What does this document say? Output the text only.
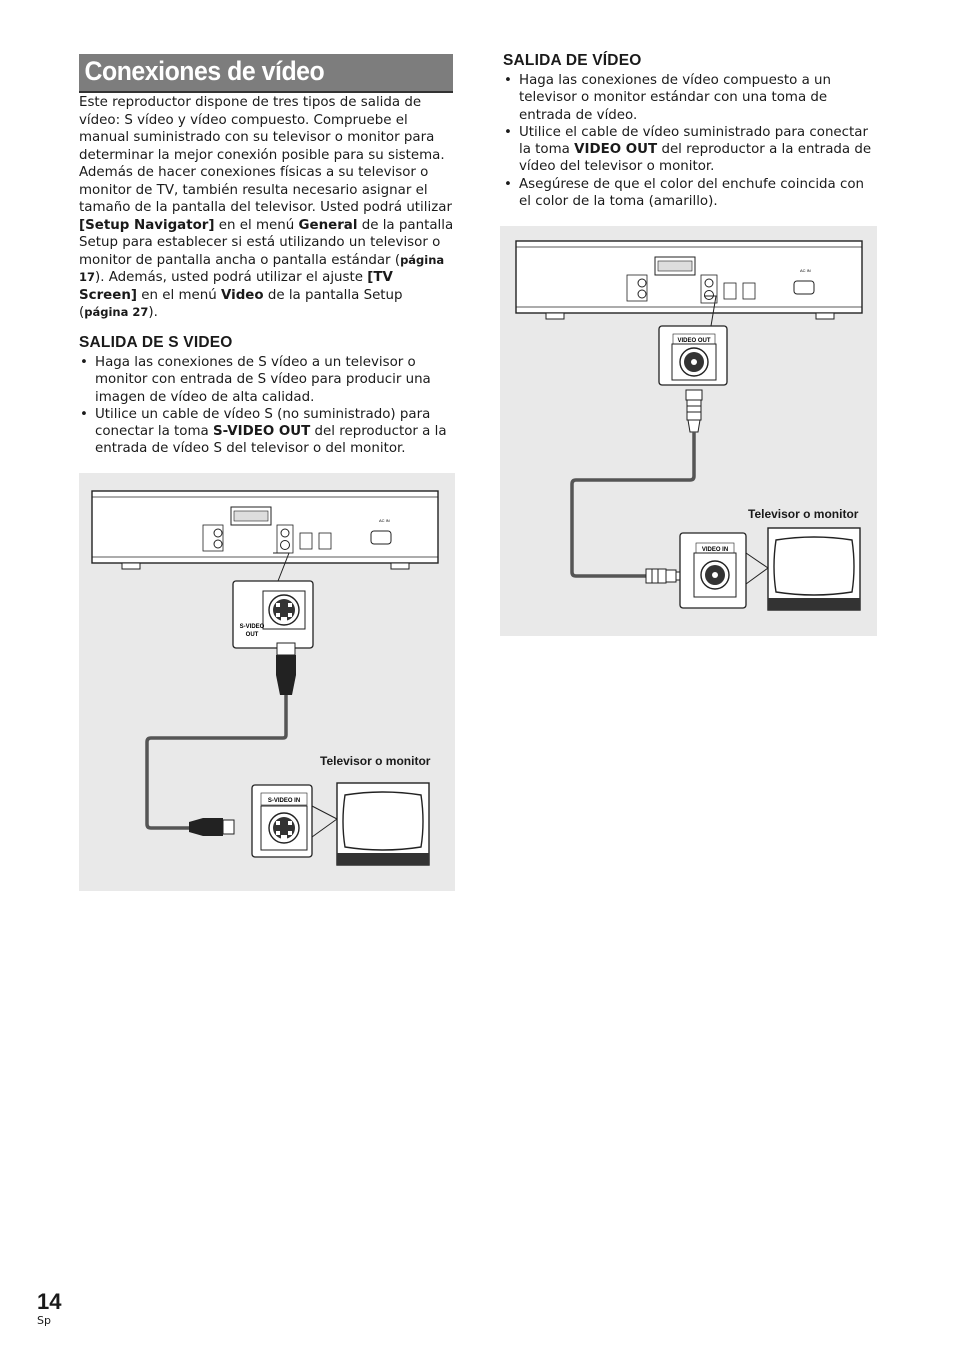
Conexiones de vídeo

Este reproductor dispone de tres tipos de salida de vídeo: S vídeo y vídeo compuesto. Compruebe el manual suministrado con su televisor o monitor para determinar la mejor conexión posible para su sistema. Además de hacer conexiones físicas a su televisor o monitor de TV, también resulta necesario asignar el tamaño de la pantalla del televisor. Usted podrá utilizar [Setup Navigator] en el menú General de la pantalla Setup para establecer si está utilizando un televisor o monitor de pantalla ancha o pantalla estándar (página 17). Además, usted podrá utilizar el ajuste [TV Screen] en el menú Video de la pantalla Setup (página 27).

SALIDA DE S VIDEO
• Haga las conexiones de S vídeo a un televisor o monitor con entrada de S vídeo para producir una imagen de vídeo de alta calidad.
• Utilice un cable de vídeo S (no suministrado) para conectar la toma S-VIDEO OUT del reproductor a la entrada de vídeo S del televisor o del monitor.
AC IN
S-VIDEO
OUT
S-VIDEO IN
Televisor o monitor
SALIDA DE VÍDEO
• Haga las conexiones de vídeo compuesto a un televisor o monitor estándar con una toma de entrada de vídeo.
• Utilice el cable de vídeo suministrado para conectar la toma VIDEO OUT del reproductor a la entrada de vídeo del televisor o monitor.
• Asegúrese de que el color del enchufe coincida con el color de la toma (amarillo).
AC IN
VIDEO OUT
VIDEO IN
Televisor o monitor
14
Sp
